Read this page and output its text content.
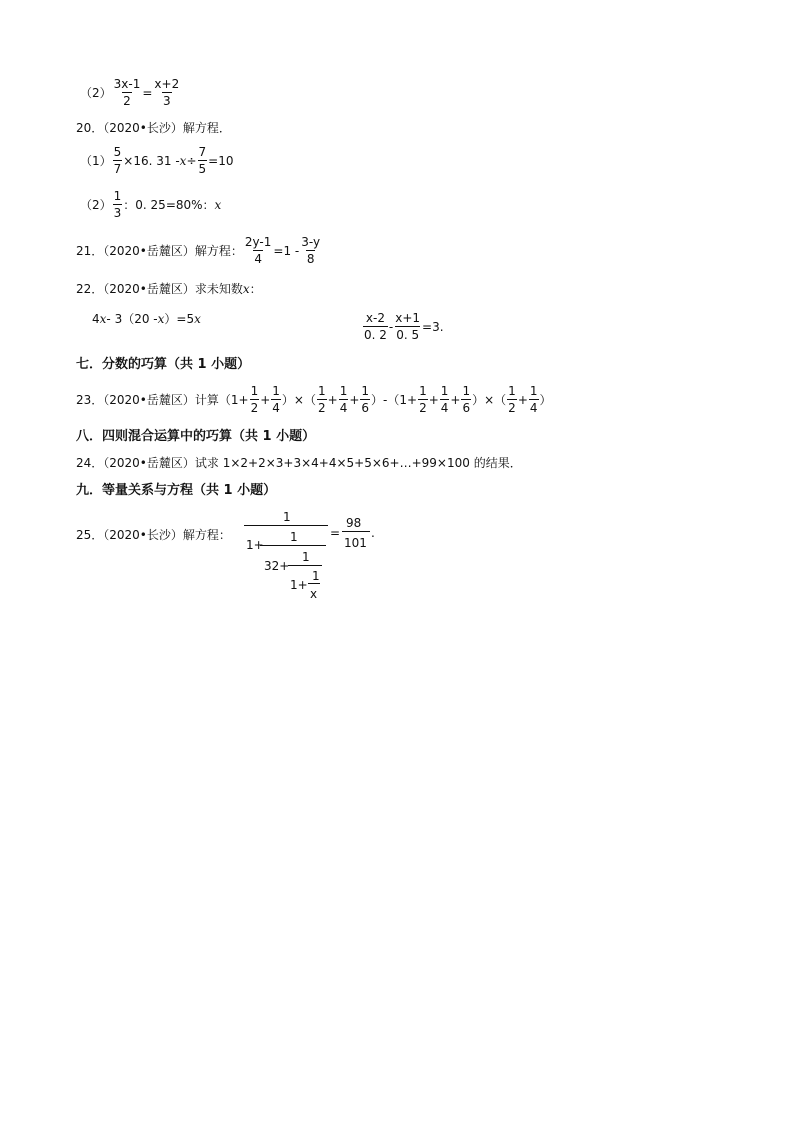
$(2) \frac{3x-1}{2} = \frac{x+2}{3}$
20．（2020•长沙）解方程．
$(1) \frac{5}{7} \times 16$. $31 - x \div \frac{7}{5} =10$
$(2) \frac{1}{3}$ ：0. 25=80%： x
21．（2020•岳麓区）解方程： $\frac{2y-1}{4} =1 - \frac{3-y}{8}$
22．（2020•岳麓区）求未知数 x ：
4 x - 3（20 - x ）=5 x	$\frac{x-2}{0. 2} - \frac{x+1}{0. 5} =3$.
七．分数的巧算（共 1 小题）
23．（2020•岳麓区）计算（$1+ \frac{1}{2} + \frac{1}{4}$ ）×（ $\frac{1}{2} + \frac{1}{4} + \frac{1}{6} )-(1+ \frac{1}{2} + \frac{1}{4} + \frac{1}{6}$ ）×（ $\frac{1}{2} + \frac{1}{4}$ ）
八．四则混合运算中的巧算（共 1 小题）
24．（2020•岳麓区）试求 1×2+2×3+3×4+4×5+5×6+…+99×100 的结果．
九．等量关系与方程（共 1 小题）
25．（2020•长沙）解方程：
1
1+
1
32+
1
1+
1
x
=
98
101
.
